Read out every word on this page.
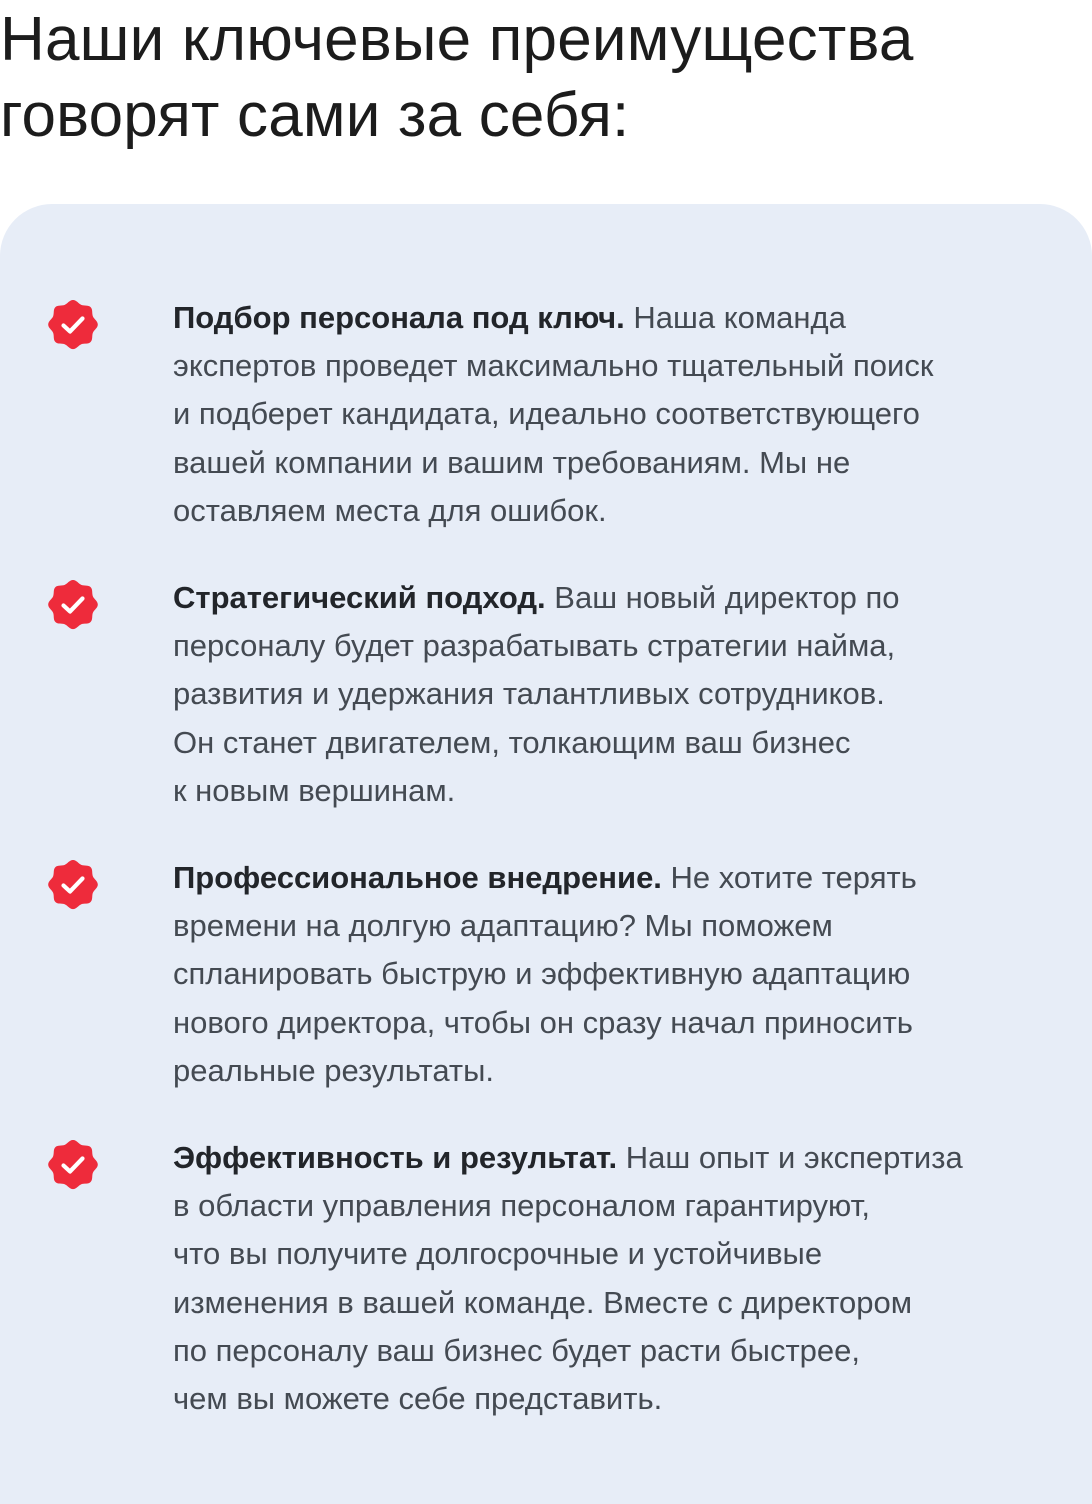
Наши ключевые преимущества
говорят сами за себя:

Подбор персонала под ключ. Наша команда
экспертов проведет максимально тщательный поиск
и подберет кандидата, идеально соответствующего
вашей компании и вашим требованиям. Мы не
оставляем места для ошибок.

Стратегический подход. Ваш новый директор по
персоналу будет разрабатывать стратегии найма,
развития и удержания талантливых сотрудников.
Он станет двигателем, толкающим ваш бизнес
к новым вершинам.

Профессиональное внедрение. Не хотите терять
времени на долгую адаптацию? Мы поможем
спланировать быструю и эффективную адаптацию
нового директора, чтобы он сразу начал приносить
реальные результаты.

Эффективность и результат. Наш опыт и экспертиза
в области управления персоналом гарантируют,
что вы получите долгосрочные и устойчивые
изменения в вашей команде. Вместе с директором
по персоналу ваш бизнес будет расти быстрее,
чем вы можете себе представить.
